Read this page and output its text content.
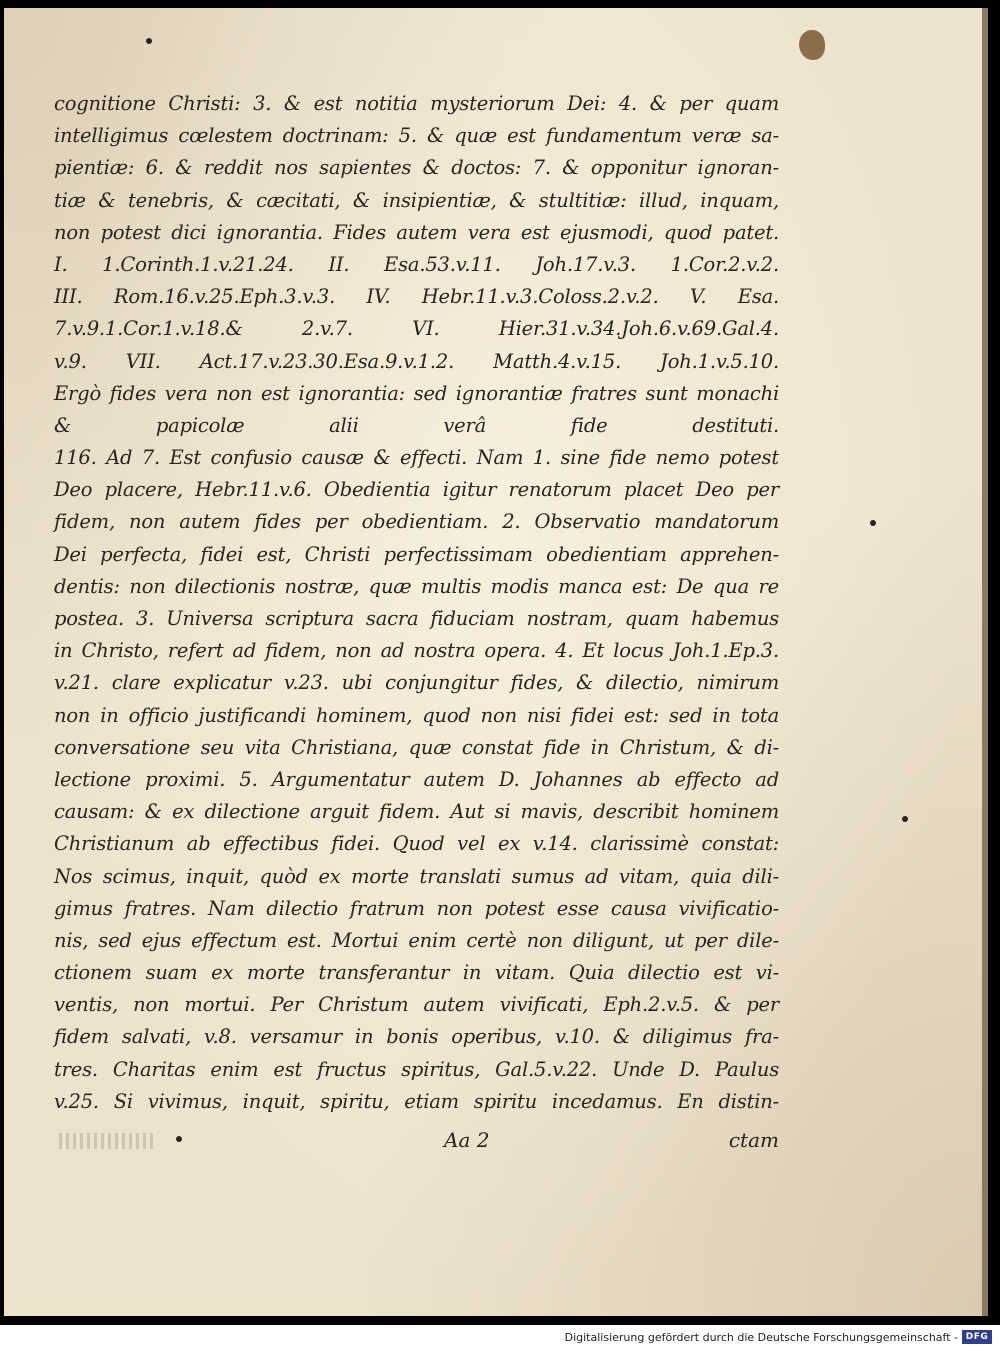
cognitione Christi: 3. & est notitia mysteriorum Dei: 4. & per quam
intelligimus cœlestem doctrinam: 5. & quæ est fundamentum veræ sa-
pientiæ: 6. & reddit nos sapientes & doctos: 7. & opponitur ignoran-
tiæ & tenebris, & cæcitati, & insipientiæ, & stultitiæ: illud, inquam,
non potest dici ignorantia. Fides autem vera est ejusmodi, quod patet.
I. 1.Corinth.1.v.21.24. II. Esa.53.v.11. Joh.17.v.3. 1.Cor.2.v.2.
III. Rom.16.v.25.Eph.3.v.3. IV. Hebr.11.v.3.Coloss.2.v.2. V. Esa.
7.v.9.1.Cor.1.v.18.& 2.v.7. VI. Hier.31.v.34.Joh.6.v.69.Gal.4.
v.9. VII. Act.17.v.23.30.Esa.9.v.1.2. Matth.4.v.15. Joh.1.v.5.10.
Ergò fides vera non est ignorantia: sed ignorantiæ fratres sunt monachi
& papicolæ alii verâ fide destituti.
116. Ad 7. Est confusio causæ & effecti. Nam 1. sine fide nemo potest
Deo placere, Hebr.11.v.6. Obedientia igitur renatorum placet Deo per
fidem, non autem fides per obedientiam. 2. Observatio mandatorum
Dei perfecta, fidei est, Christi perfectissimam obedientiam apprehen-
dentis: non dilectionis nostræ, quæ multis modis manca est: De qua re
postea. 3. Universa scriptura sacra fiduciam nostram, quam habemus
in Christo, refert ad fidem, non ad nostra opera. 4. Et locus Joh.1.Ep.3.
v.21. clare explicatur v.23. ubi conjungitur fides, & dilectio, nimirum
non in officio justificandi hominem, quod non nisi fidei est: sed in tota
conversatione seu vita Christiana, quæ constat fide in Christum, & di-
lectione proximi. 5. Argumentatur autem D. Johannes ab effecto ad
causam: & ex dilectione arguit fidem. Aut si mavis, describit hominem
Christianum ab effectibus fidei. Quod vel ex v.14. clarissimè constat:
Nos scimus, inquit, quòd ex morte translati sumus ad vitam, quia dili-
gimus fratres. Nam dilectio fratrum non potest esse causa vivificatio-
nis, sed ejus effectum est. Mortui enim certè non diligunt, ut per dile-
ctionem suam ex morte transferantur in vitam. Quia dilectio est vi-
ventis, non mortui. Per Christum autem vivificati, Eph.2.v.5. & per
fidem salvati, v.8. versamur in bonis operibus, v.10. & diligimus fra-
tres. Charitas enim est fructus spiritus, Gal.5.v.22. Unde D. Paulus
v.25. Si vivimus, inquit, spiritu, etiam spiritu incedamus. En distin-
Aa 2	ctam
Digitalisierung gefördert durch die Deutsche Forschungsgemeinschaft - DFG
